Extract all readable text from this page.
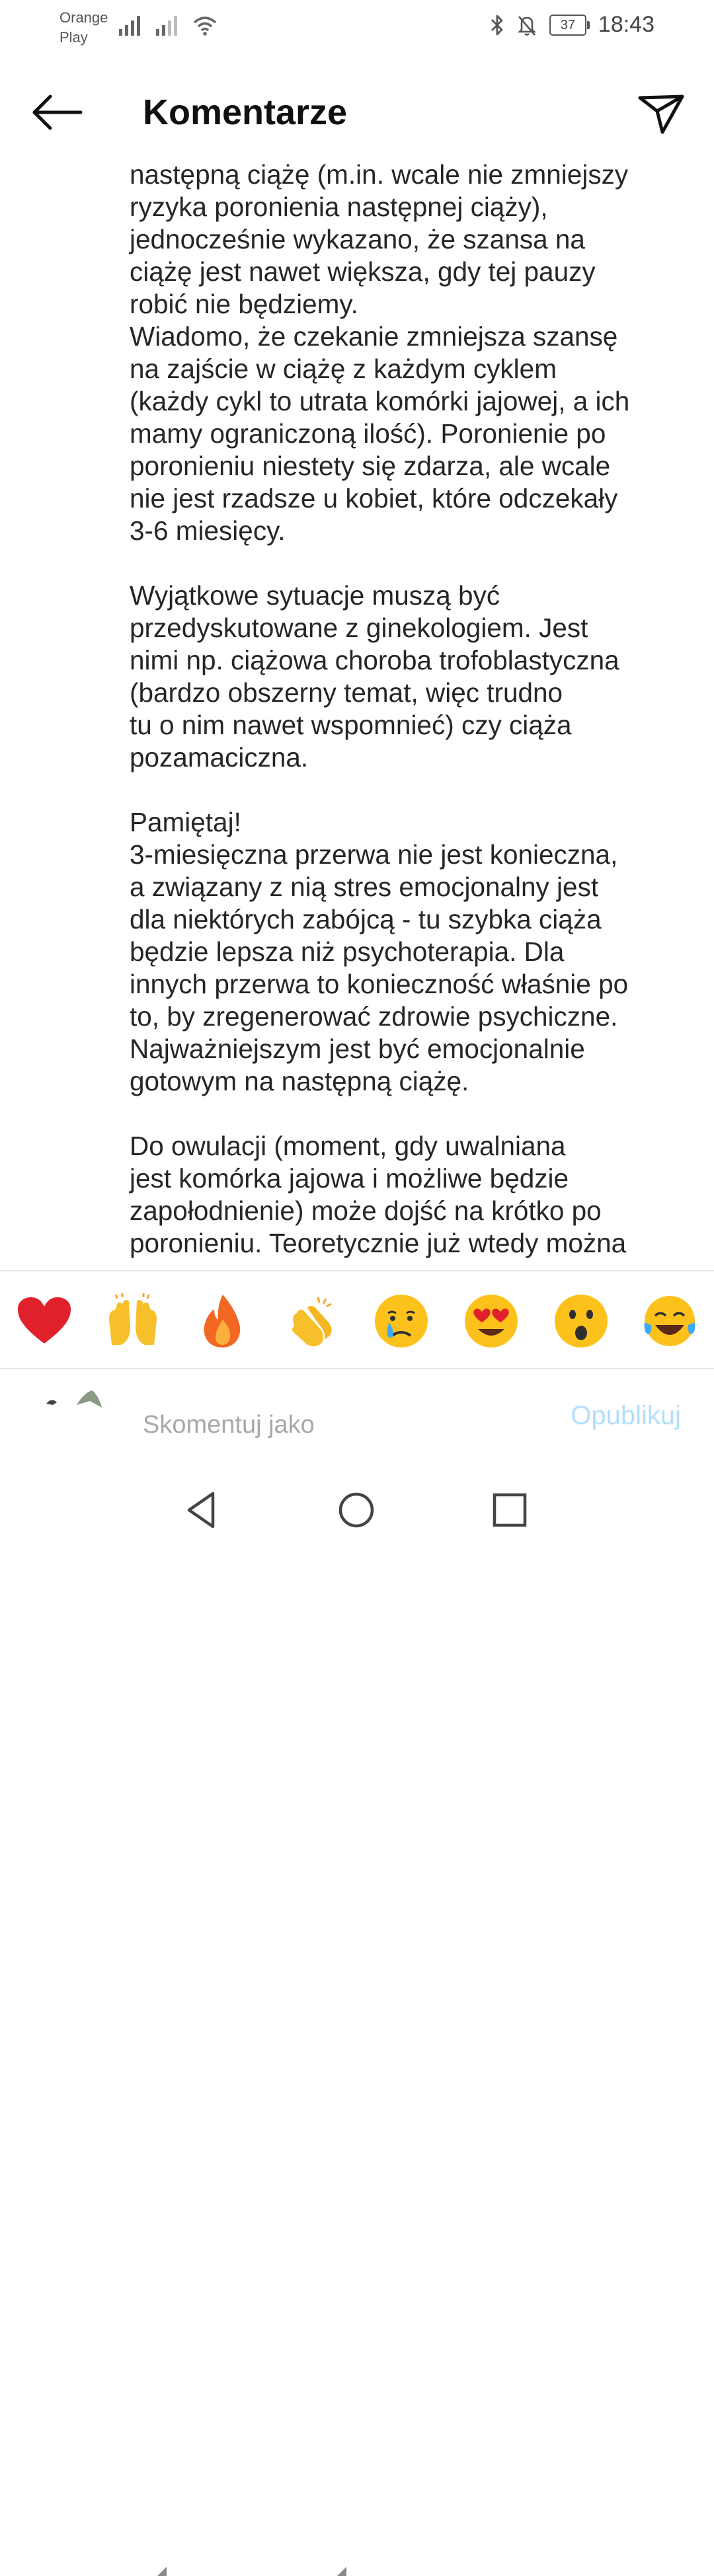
Orange
Play
37	18:43
Komentarze

następną ciążę (m.in. wcale nie zmniejszy
ryzyka poronienia następnej ciąży),
jednocześnie wykazano, że szansa na
ciążę jest nawet większa, gdy tej pauzy
robić nie będziemy.
Wiadomo, że czekanie zmniejsza szansę
na zajście w ciążę z każdym cyklem
(każdy cykl to utrata komórki jajowej, a ich
mamy ograniczoną ilość). Poronienie po
poronieniu niestety się zdarza, ale wcale
nie jest rzadsze u kobiet, które odczekały
3-6 miesięcy.

Wyjątkowe sytuacje muszą być
przedyskutowane z ginekologiem. Jest
nimi np. ciążowa choroba trofoblastyczna
(bardzo obszerny temat, więc trudno
tu o nim nawet wspomnieć) czy ciąża
pozamaciczna.

Pamiętaj!
3-miesięczna przerwa nie jest konieczna,
a związany z nią stres emocjonalny jest
dla niektórych zabójcą - tu szybka ciąża
będzie lepsza niż psychoterapia. Dla
innych przerwa to konieczność właśnie po
to, by zregenerować zdrowie psychiczne.
Najważniejszym jest być emocjonalnie
gotowym na następną ciążę.

Do owulacji (moment, gdy uwalniana
jest komórka jajowa i możliwe będzie
zapołodnienie) może dojść na krótko po
poronieniu. Teoretycznie już wtedy można

Skomentuj jako
Opublikuj
